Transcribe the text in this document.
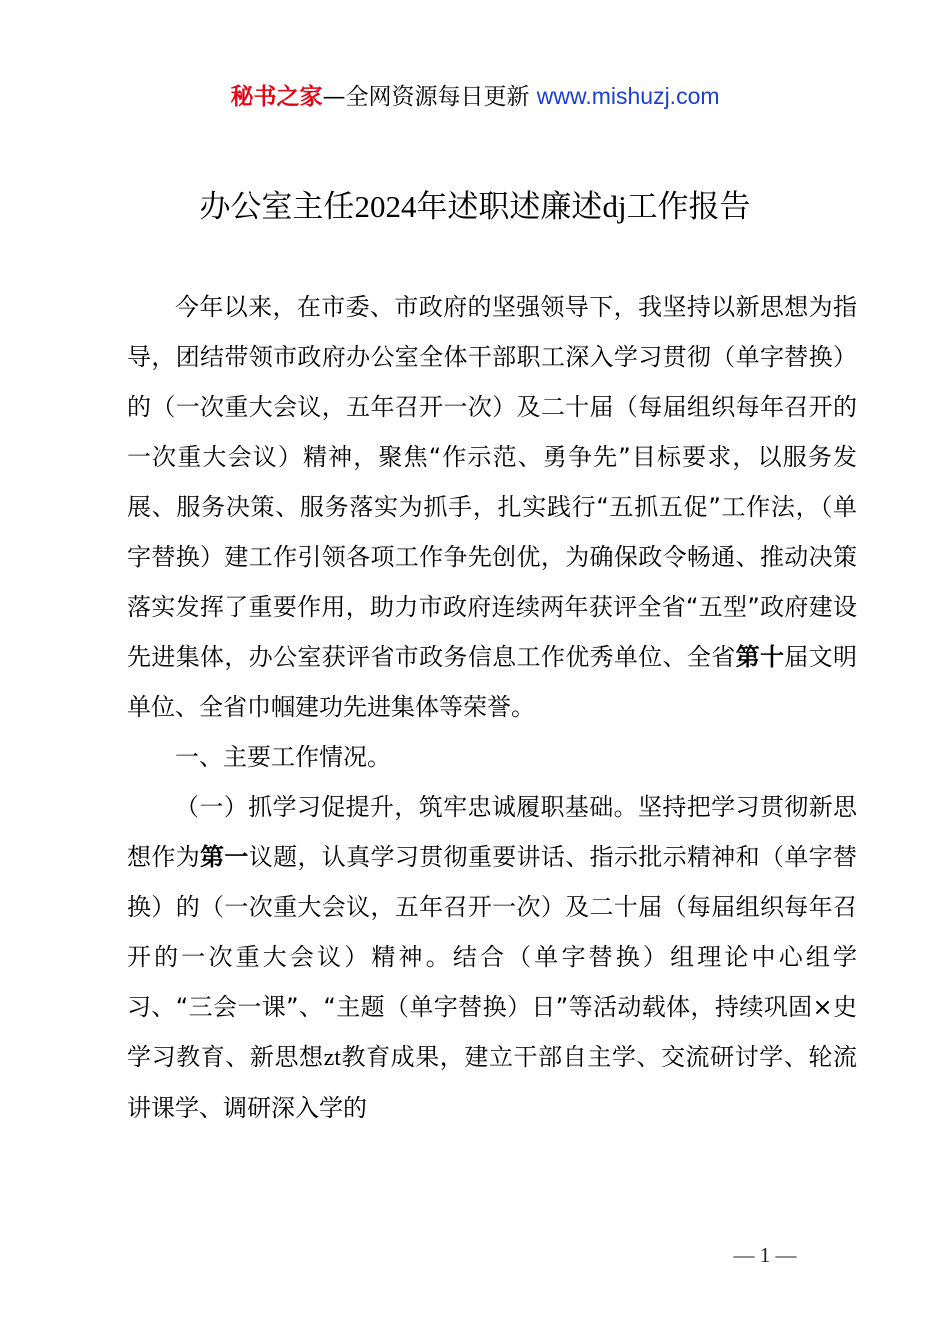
秘书之家—全网资源每日更新 www.mishuzj.com
办公室主任2024年述职述廉述dj工作报告

今年以来，在市委、市政府的坚强领导下，我坚持以新思想为指导，团结带领市政府办公室全体干部职工深入学习贯彻（单字替换）的（一次重大会议，五年召开一次）及二十届（每届组织每年召开的一次重大会议）精神，聚焦“作示范、勇争先”目标要求，以服务发展、服务决策、服务落实为抓手，扎实践行“五抓五促”工作法，（单字替换）建工作引领各项工作争先创优，为确保政令畅通、推动决策落实发挥了重要作用，助力市政府连续两年获评全省“五型”政府建设先进集体，办公室获评省市政务信息工作优秀单位、全省第十届文明单位、全省巾帼建功先进集体等荣誉。

一、主要工作情况。

（一）抓学习促提升，筑牢忠诚履职基础。坚持把学习贯彻新思想作为第一议题，认真学习贯彻重要讲话、指示批示精神和（单字替换）的（一次重大会议，五年召开一次）及二十届（每届组织每年召开的一次重大会议）精神。结合（单字替换）组理论中心组学习、“三会一课”、“主题（单字替换）日”等活动载体，持续巩固×史学习教育、新思想zt教育成果，建立干部自主学、交流研讨学、轮流讲课学、调研深入学的

— 1 —
